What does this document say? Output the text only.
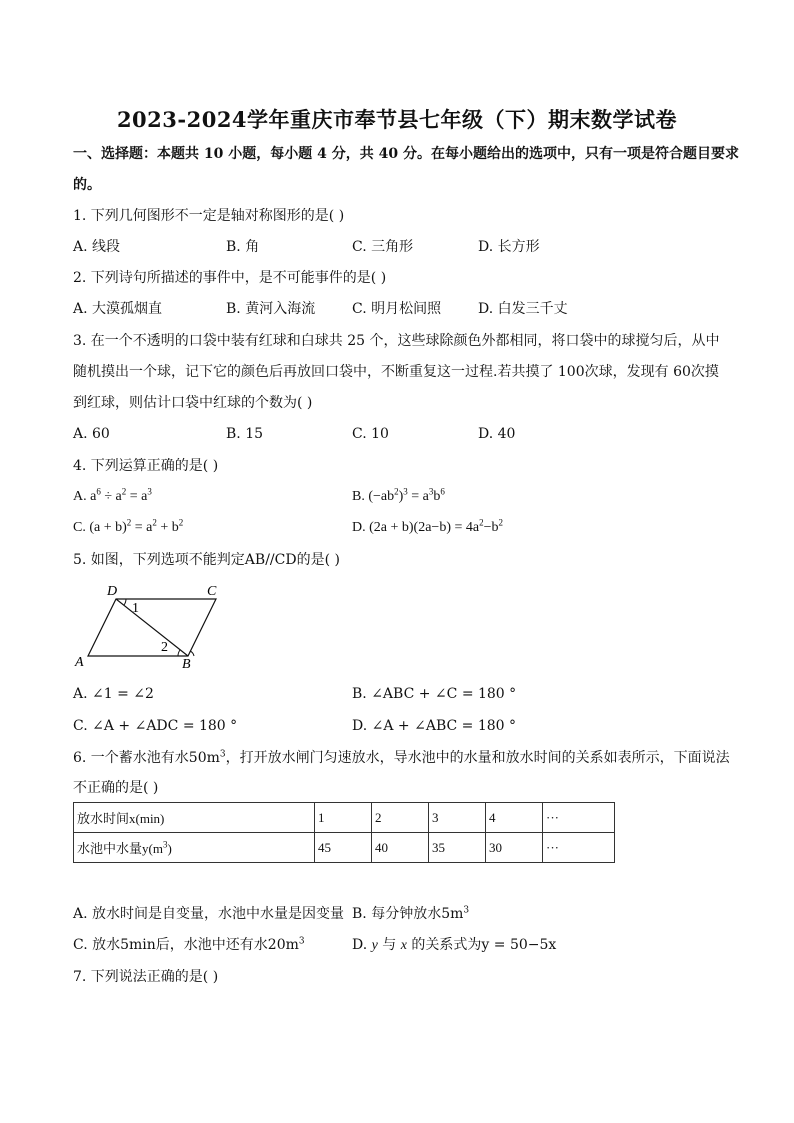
2023-2024学年重庆市奉节县七年级（下）期末数学试卷
一、选择题：本题共 10 小题，每小题 4 分，共 40 分。在每小题给出的选项中，只有一项是符合题目要求
的。
1. 下列几何图形不一定是轴对称图形的是( )
A. 线段	B. 角	C. 三角形	D. 长方形
2. 下列诗句所描述的事件中，是不可能事件的是( )
A. 大漠孤烟直	B. 黄河入海流	C. 明月松间照	D. 白发三千丈
3. 在一个不透明的口袋中装有红球和白球共 25 个，这些球除颜色外都相同，将口袋中的球搅匀后，从中
随机摸出一个球，记下它的颜色后再放回口袋中，不断重复这一过程.若共摸了 100次球，发现有 60次摸
到红球，则估计口袋中红球的个数为( )
A. 60	B. 15	C. 10	D. 40
4. 下列运算正确的是( )
A. $a^6 \div a^2 = a^3$	B. $(-ab^2)^3 = a^3b^6$
C. $(a + b)^2 = a^2 + b^2$	D. $(2a + b)(2a-b) = 4a^2-b^2$
5. 如图，下列选项不能判定AB//CD的是( )
D	C
A	B
1
2
A. ∠1 = ∠2	B. ∠ABC + ∠C = 180 °
C. ∠A + ∠ADC = 180 °	D. ∠A + ∠ABC = 180 °
6. 一个蓄水池有水$50m^3$，打开放水闸门匀速放水，导水池中的水量和放水时间的关系如表所示，下面说法
不正确的是( )
放水时间x(min)	1	2	3	4	···
水池中水量$y(m^3)$	45	40	35	30	···
A. 放水时间是自变量，水池中水量是因变量 B. 每分钟放水$5m^3$
C. 放水5min后，水池中还有水$20m^3$	D. y 与 x 的关系式为y = 50−5x
7. 下列说法正确的是( )
